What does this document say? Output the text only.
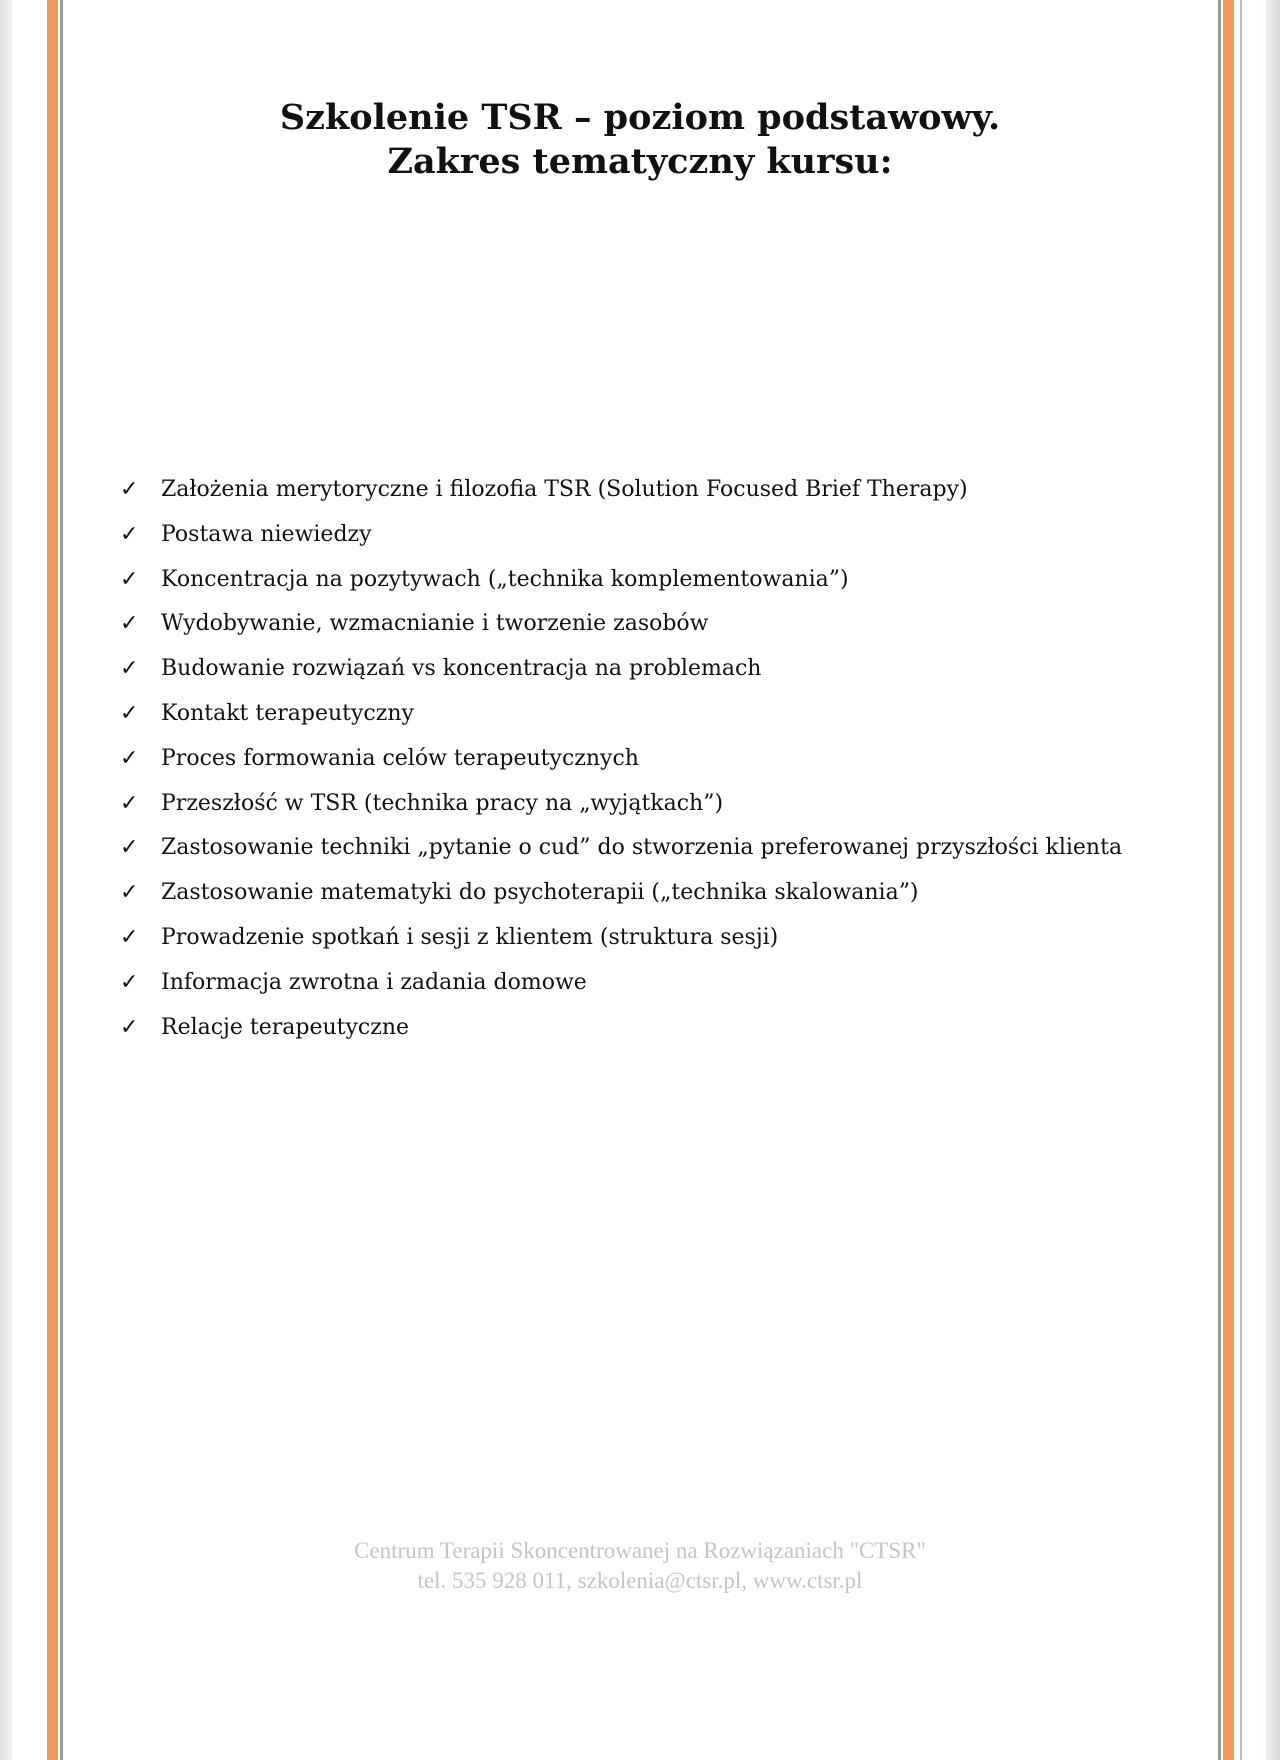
Szkolenie TSR – poziom podstawowy.
Zakres tematyczny kursu:
✓	Założenia merytoryczne i filozofia TSR (Solution Focused Brief Therapy)
✓	Postawa niewiedzy
✓	Koncentracja na pozytywach („technika komplementowania”)
✓	Wydobywanie, wzmacnianie i tworzenie zasobów
✓	Budowanie rozwiązań vs koncentracja na problemach
✓	Kontakt terapeutyczny
✓	Proces formowania celów terapeutycznych
✓	Przeszłość w TSR (technika pracy na „wyjątkach”)
✓	Zastosowanie techniki „pytanie o cud” do stworzenia preferowanej przyszłości klienta
✓	Zastosowanie matematyki do psychoterapii („technika skalowania”)
✓	Prowadzenie spotkań i sesji z klientem (struktura sesji)
✓	Informacja zwrotna i zadania domowe
✓	Relacje terapeutyczne
Centrum Terapii Skoncentrowanej na Rozwiązaniach "CTSR"
tel. 535 928 011, szkolenia@ctsr.pl, www.ctsr.pl
